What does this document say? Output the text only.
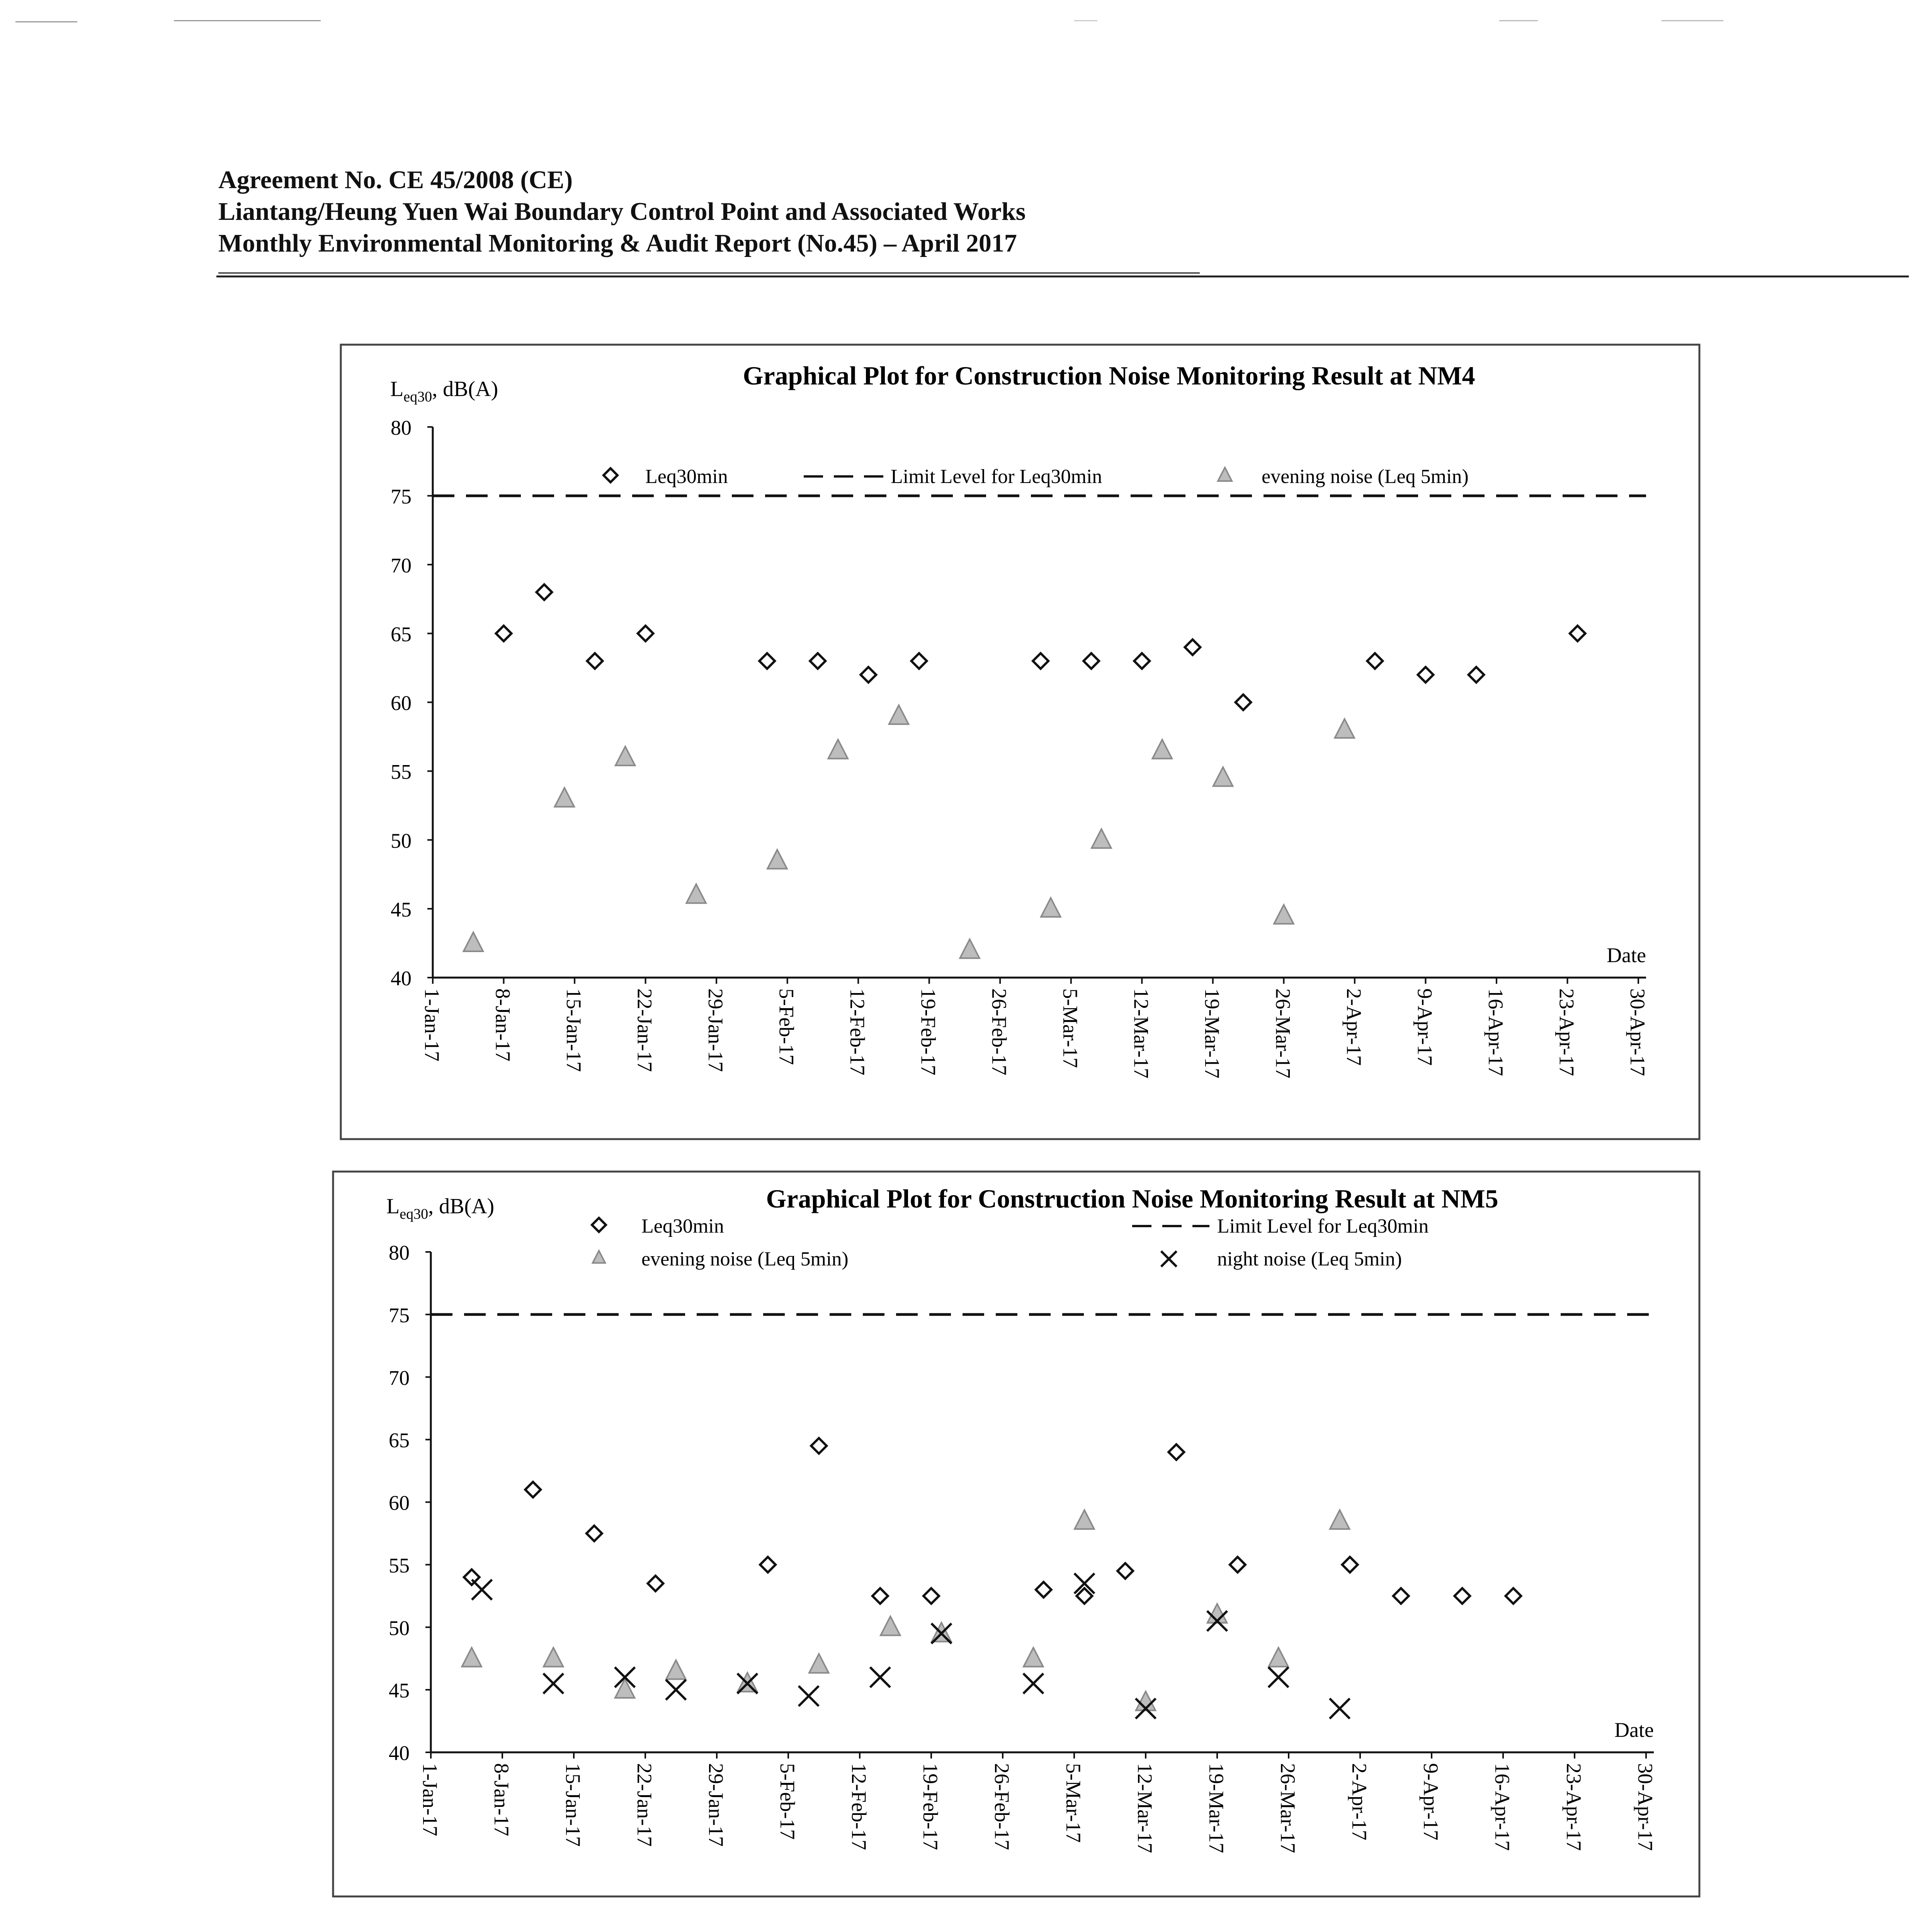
Agreement No. CE 45/2008 (CE)
Liantang/Heung Yuen Wai Boundary Control Point and Associated Works
Monthly Environmental Monitoring & Audit Report (No.45) – April 2017
40
45
50
55
60
65
70
75
80
$L_{eq30}$, dB(A)	Graphical Plot for Construction Noise Monitoring Result at NM4
1-Jan-17 8-Jan-17 15-Jan-17 22-Jan-17 29-Jan-17 5-Feb-17 12-Feb-17 19-Feb-17 26-Feb-17 5-Mar-17 12-Mar-17 19-Mar-17 26-Mar-17 2-Apr-17 9-Apr-17 16-Apr-17 23-Apr-17 30-Apr-17
Date
Leq30min	Limit Level for Leq30min	evening noise (Leq 5min)
40
45
50
55
60
65
70
75
80
$L_{eq30}$, dB(A)	Graphical Plot for Construction Noise Monitoring Result at NM5
1-Jan-17 8-Jan-17 15-Jan-17 22-Jan-17 29-Jan-17 5-Feb-17 12-Feb-17 19-Feb-17 26-Feb-17 5-Mar-17 12-Mar-17 19-Mar-17 26-Mar-17 2-Apr-17 9-Apr-17 16-Apr-17 23-Apr-17 30-Apr-17
Date
Leq30min	Limit Level for Leq30min
evening noise (Leq 5min)	night noise (Leq 5min)
